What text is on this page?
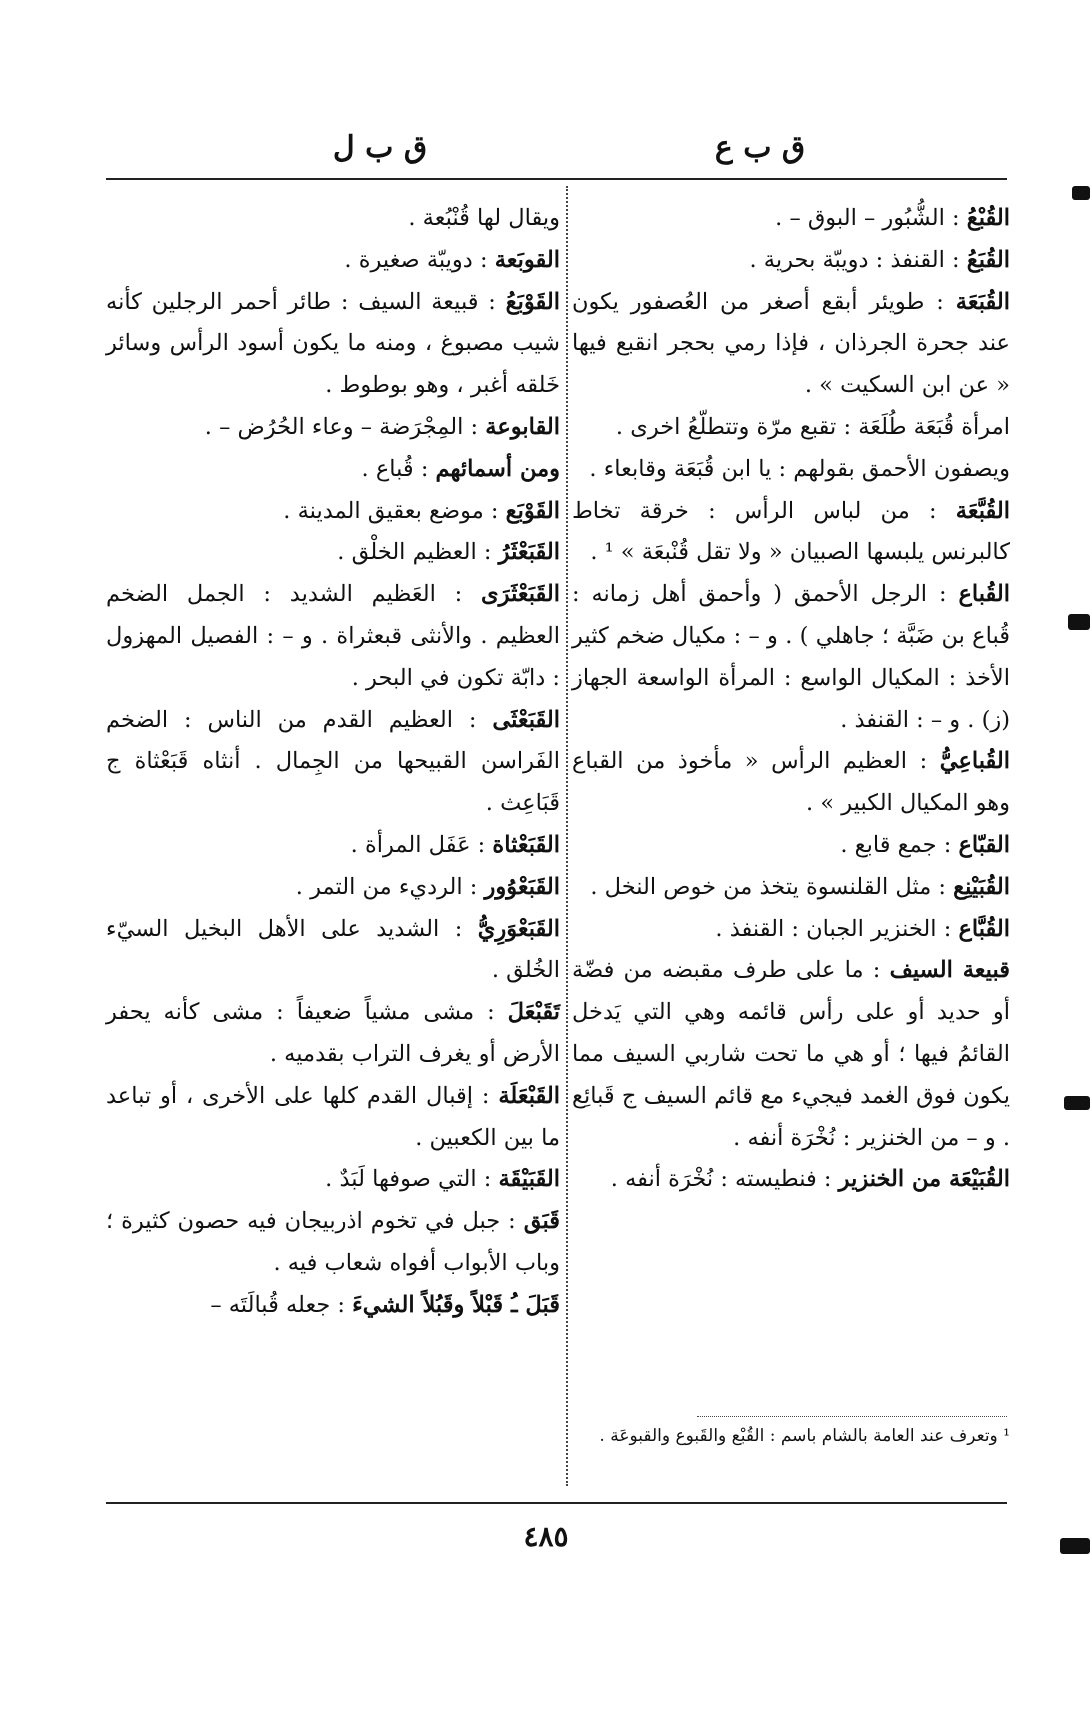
ق ب ع
ق ب ل

القُبْعُ : الشُّبُور – البوق – .

القُبَعُ : القنفذ : دويبّة بحرية .

القُبَعَة : طويئر أبقع أصغر من العُصفور يكون عند جحرة الجرذان ، فإذا رمي بحجر انقبع فيها « عن ابن السكيت » .

امرأة قُبَعَة طُلَعَة : تقبع مرّة وتتطلّعُ اخرى .

ويصفون الأحمق بقولهم : يا ابن قُبَعَة وقابعاء .

القُبَّعَة : من لباس الرأس : خرقة تخاط كالبرنس يلبسها الصبيان « ولا تقل قُنْبعَة » ¹ .

القُباع : الرجل الأحمق ( وأحمق أهل زمانه : قُباع بن ضَبَّة ؛ جاهلي ) . و – : مكيال ضخم كثير الأخذ : المكيال الواسع : المرأة الواسعة الجهاز (ز) . و – : القنفذ .

القُباعِيُّ : العظيم الرأس « مأخوذ من القباع وهو المكيال الكبير » .

القبّاع : جمع قابع .

القُبَيْنِع : مثل القلنسوة يتخذ من خوص النخل .

القُبَّاع : الخنزير الجبان : القنفذ .

قبيعة السيف : ما على طرف مقبضه من فضّة أو حديد أو على رأس قائمه وهي التي يَدخل القائمُ فيها ؛ أو هي ما تحت شاربي السيف مما يكون فوق الغمد فيجيء مع قائم السيف ج قَبائِع . و – من الخنزير : نُخْرَة أنفه .

القُبَيْعَة من الخنزير : فنطيسته : نُخْرَة أنفه .

ويقال لها قُنْبُعة .

القوبَعة : دويبّة صغيرة .

القَوْبَعُ : قبيعة السيف : طائر أحمر الرجلين كأنه شيب مصبوغ ، ومنه ما يكون أسود الرأس وسائر خَلقه أغبر ، وهو بوطوط .

القابوعة : المِجْرَضة – وعاء الحُرُض – .

ومن أسمائهم : قُباع .

القَوْبَع : موضع بعقيق المدينة .

القَبَعْثَرُ : العظيم الخلْق .

القَبَعْثَرَى : العَظيم الشديد : الجمل الضخم العظيم . والأنثى قبعثراة . و – : الفصيل المهزول : دابّة تكون في البحر .

القَبَعْثَى : العظيم القدم من الناس : الضخم الفَراسن القبيحها من الجِمال . أنثاه قَبَعْثاة ج قَبَاعِث .

القَبَعْثاة : عَفَل المرأة .

القَبَعْوُور : الرديء من التمر .

القَبَعْوَرِيُّ : الشديد على الأهل البخيل السيّء الخُلق .

تَقَبْعَلَ : مشى مشياً ضعيفاً : مشى كأنه يحفر الأرض أو يغرف التراب بقدميه .

القَبْعَلَة : إقبال القدم كلها على الأخرى ، أو تباعد ما بين الكعبين .

القَبَيْقَة : التي صوفها لَبَدٌ .

قَبَق : جبل في تخوم اذربيجان فيه حصون كثيرة ؛ وباب الأبواب أفواه شعاب فيه .

قَبَلَ ـُ قَبْلاً وقَبُلاً الشيءَ : جعله قُبالَتَه –

¹ وتعرف عند العامة بالشام باسم : القُبْع والقَبوع والقبوعَة .
٤٨٥
